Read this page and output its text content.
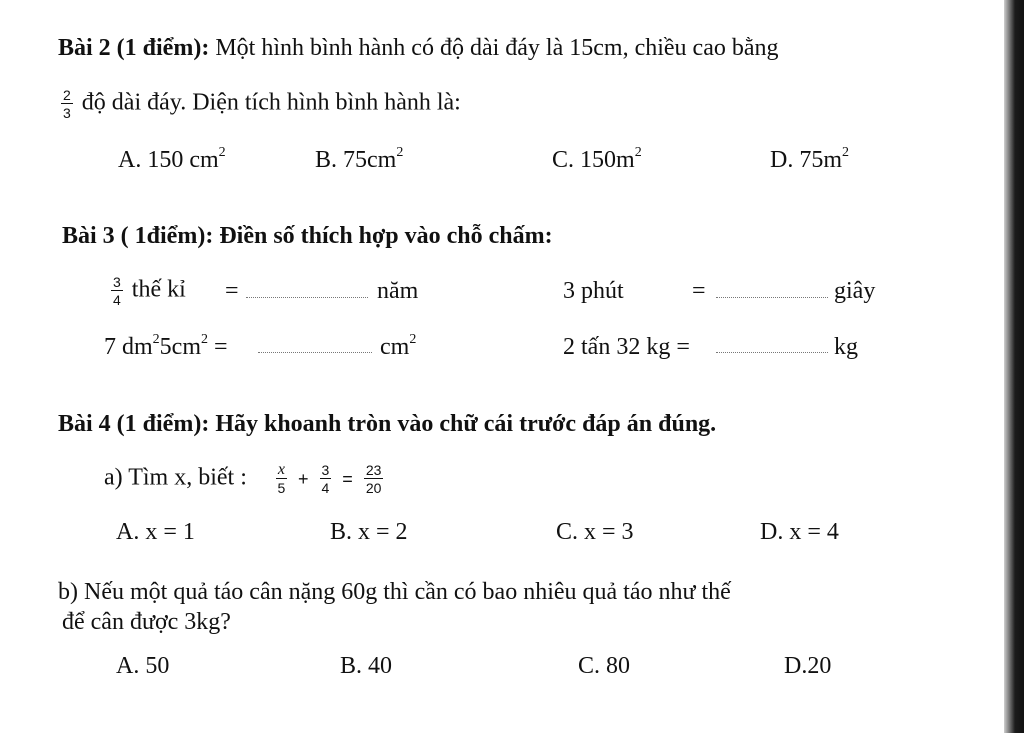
Bài 2 (1 điểm): Một hình bình hành có độ dài đáy là 15cm, chiều cao bằng
$\frac{2}{3}$ độ dài đáy. Diện tích hình bình hành là:
A. 150 $cm^2$	B. $75cm^2$	C. $150m^2$	D. $75m^2$
Bài 3 ( 1điểm): Điền số thích hợp vào chỗ chấm:
$\frac{3}{4}$ thế kỉ =	năm	3 phút	=	giây
7 $dm^25cm^2$ =	$cm^2$	2 tấn 32 kg =	kg
Bài 4 (1 điểm): Hãy khoanh tròn vào chữ cái trước đáp án đúng.
a) Tìm x, biết : $\frac{x}{5} + \frac{3}{4} = \frac{23}{20}$
A. x = 1	B. x = 2	C. x = 3	D. x = 4
b) Nếu một quả táo cân nặng 60g thì cần có bao nhiêu quả táo như thế
để cân được 3kg?
A. 50	B. 40	C. 80	D.20
